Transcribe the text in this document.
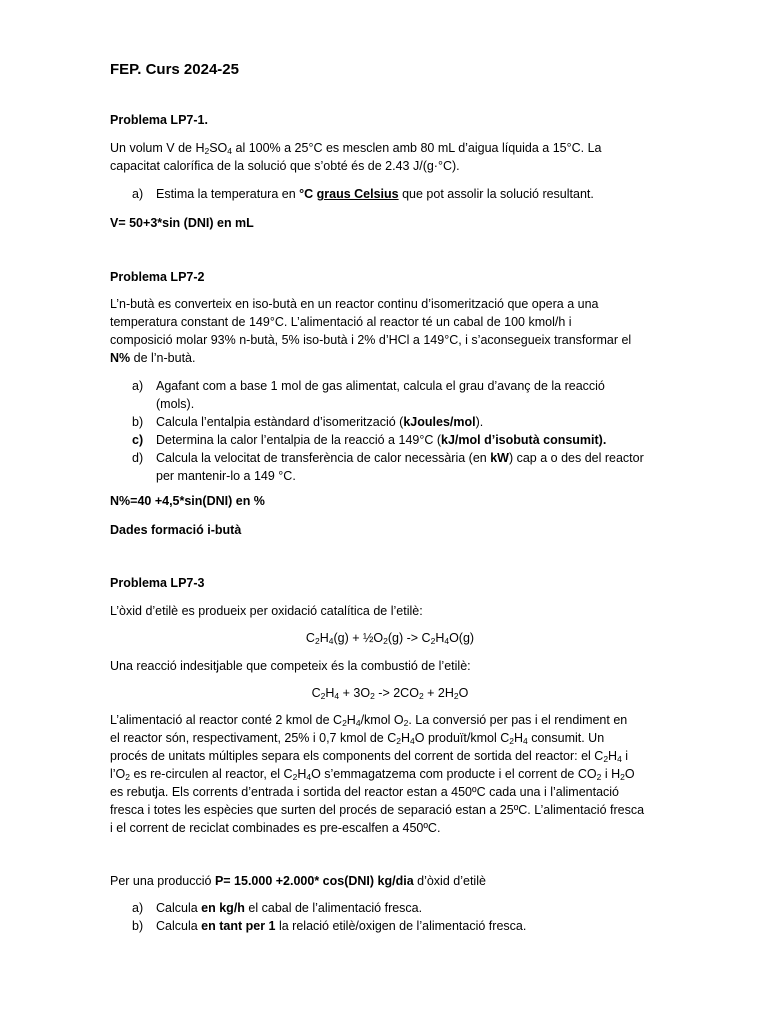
FEP. Curs 2024-25
Problema LP7-1.

Un volum V de $H_2SO_4$ al 100% a 25°C es mesclen amb 80 mL d’aigua líquida a 15°C. La

capacitat calorífica de la solució que s’obté és de 2.43 J/(g·°C).

a) Estima la temperatura en °C graus Celsius que pot assolir la solució resultant.
V= 50+3*sin (DNI) en mL
Problema LP7-2

L’n-butà es converteix en iso-butà en un reactor continu d’isomerització que opera a una

temperatura constant de 149°C. L’alimentació al reactor té un cabal de 100 kmol/h i

composició molar 93% n-butà, 5% iso-butà i 2% d’HCl a 149°C, i s’aconsegueix transformar el

N% de l’n-butà.

a) Agafant com a base 1 mol de gas alimentat, calcula el grau d’avanç de la reacció
(mols).
b) Calcula l’entalpia estàndard d’isomerització (kJoules/mol).
c) Determina la calor l’entalpia de la reacció a 149°C (kJ/mol d’isobutà consumit).
d) Calcula la velocitat de transferència de calor necessària (en kW) cap a o des del reactor
per mantenir-lo a 149 °C.
N%=40 +4,5*sin(DNI) en %
Dades formació i-butà
Problema LP7-3
L’òxid d’etilè es produeix per oxidació catalítica de l’etilè:
$C_2H_4(g)$ + $\frac{1}{2}O_2(g) -> C_2H_4O(g)$
Una reacció indesitjable que competeix és la combustió de l’etilè:
$C_2H_4 + 3O_2 -> 2CO_2 + 2H_2O$

L’alimentació al reactor conté 2 kmol de $C_2H_4$/kmol $O_2$. La conversió per pas i el rendiment en

el reactor són, respectivament, 25% i 0,7 kmol de $C_2H_4O$ produït/kmol $C_2H_4$ consumit. Un

procés de unitats múltiples separa els components del corrent de sortida del reactor: el $C_2H_4$ i

$l’O_2$ es re-circulen al reactor, el $C_2H_4O$ s’emmagatzema com producte i el corrent de $CO_2$ i $H_2O$

es rebutja. Els corrents d’entrada i sortida del reactor estan a 450ºC cada una i l’alimentació

fresca i totes les espècies que surten del procés de separació estan a 25ºC. L’alimentació fresca

i el corrent de reciclat combinades es pre-escalfen a 450ºC.

Per una producció P= 15.000 +2.000* cos(DNI) kg/dia d’òxid d’etilè
a) Calcula en kg/h el cabal de l’alimentació fresca.
b) Calcula en tant per 1 la relació etilè/oxigen de l’alimentació fresca.
